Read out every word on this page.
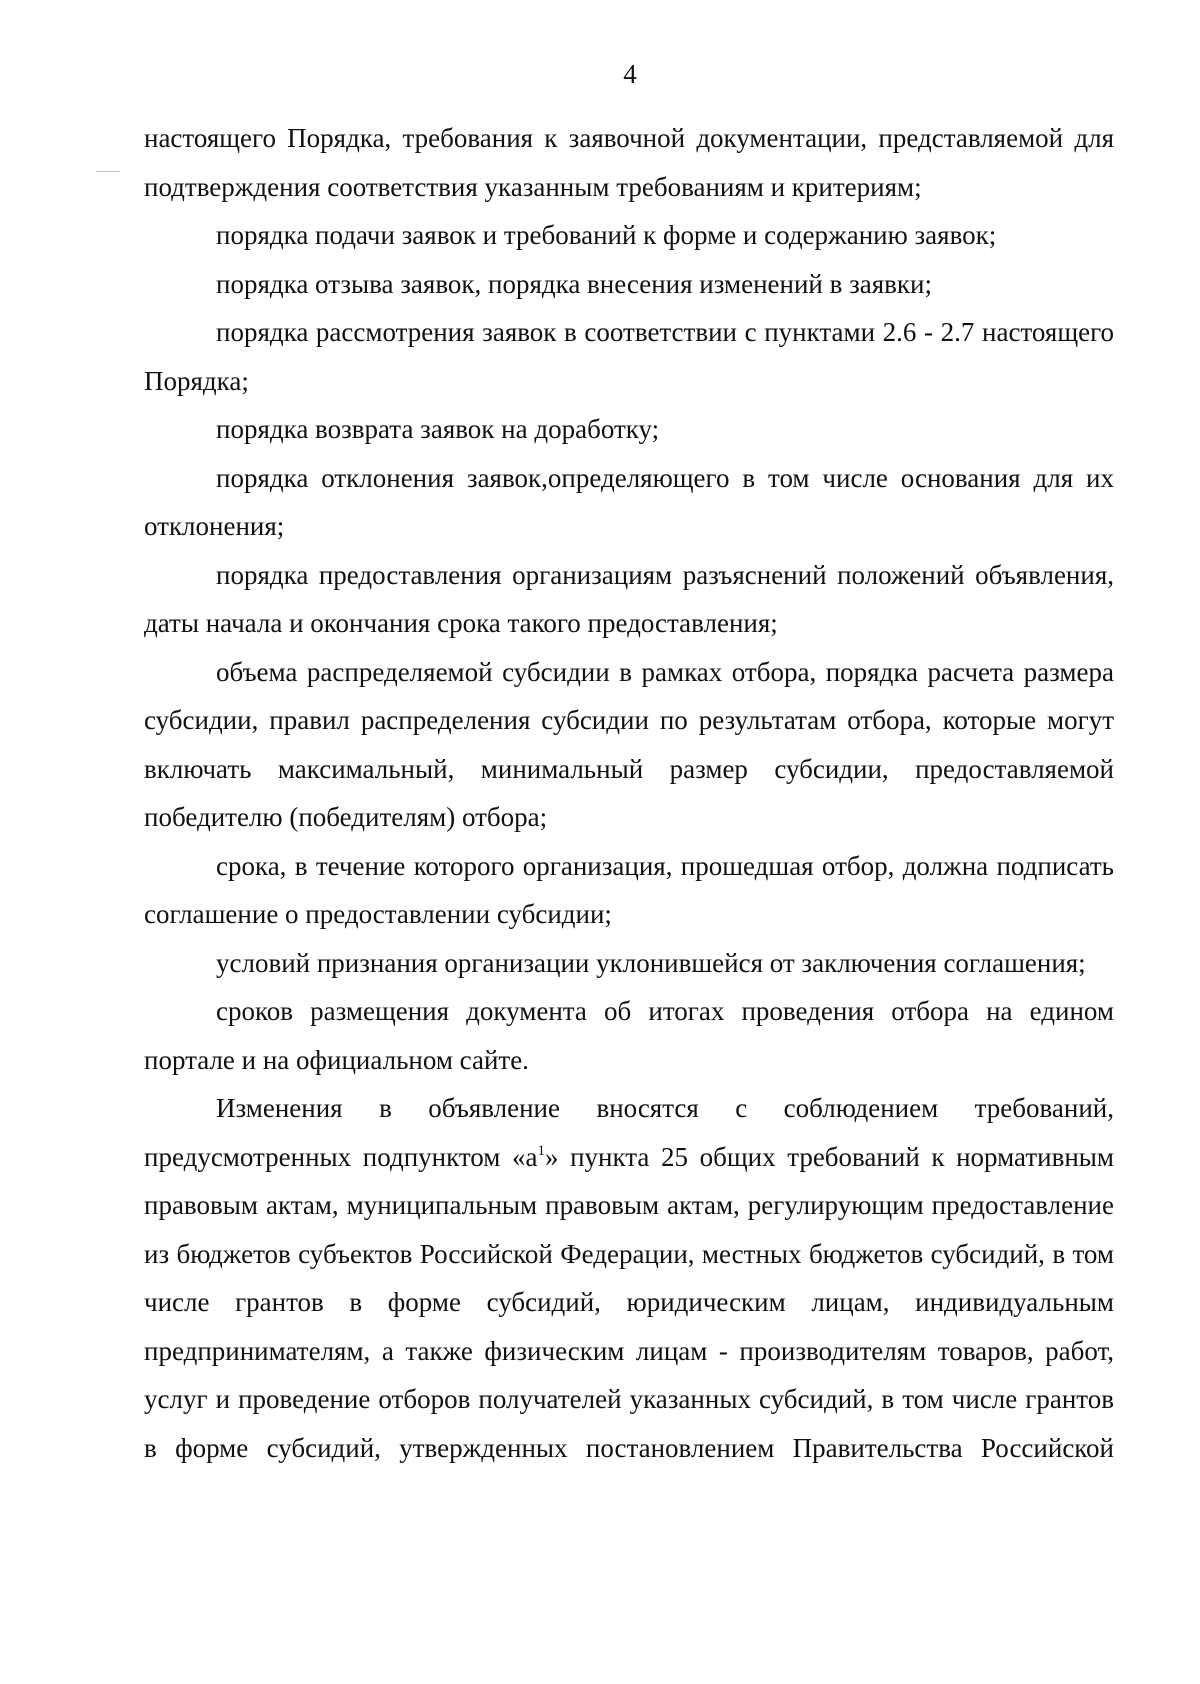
4

настоящего Порядка, требования к заявочной документации, представляемой для подтверждения соответствия указанным требованиям и критериям;

порядка подачи заявок и требований к форме и содержанию заявок;

порядка отзыва заявок, порядка внесения изменений в заявки;

порядка рассмотрения заявок в соответствии с пунктами 2.6 - 2.7 настоящего Порядка;

порядка возврата заявок на доработку;

порядка отклонения заявок,определяющего в том числе основания для их отклонения;

порядка предоставления организациям разъяснений положений объявления, даты начала и окончания срока такого предоставления;

объема распределяемой субсидии в рамках отбора, порядка расчета размера субсидии, правил распределения субсидии по результатам отбора, которые могут включать максимальный, минимальный размер субсидии, предоставляемой победителю (победителям) отбора;

срока, в течение которого организация, прошедшая отбор, должна подписать соглашение о предоставлении субсидии;

условий признания организации уклонившейся от заключения соглашения;

сроков размещения документа об итогах проведения отбора на едином портале и на официальном сайте.

Изменения в объявление вносятся с соблюдением требований, предусмотренных подпунктом «$а^1$» пункта 25 общих требований к нормативным правовым актам, муниципальным правовым актам, регулирующим предоставление из бюджетов субъектов Российской Федерации, местных бюджетов субсидий, в том числе грантов в форме субсидий, юридическим лицам, индивидуальным предпринимателям, а также физическим лицам - производителям товаров, работ, услуг и проведение отборов получателей указанных субсидий, в том числе грантов в форме субсидий, утвержденных постановлением Правительства Российской
